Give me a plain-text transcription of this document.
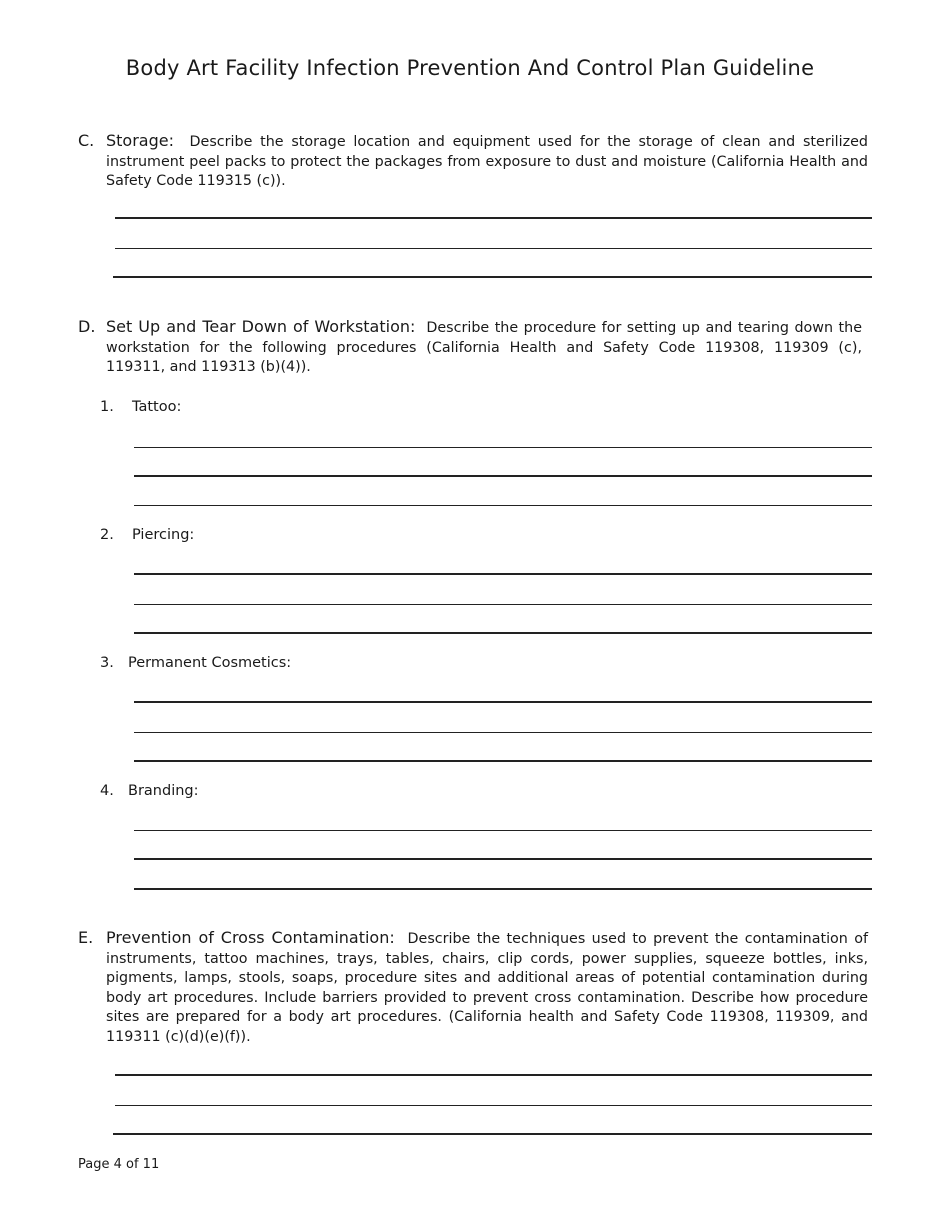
Body Art Facility Infection Prevention And Control Plan Guideline
C. Storage: Describe the storage location and equipment used for the storage of clean and sterilized instrument peel packs to protect the packages from exposure to dust and moisture (California Health and Safety Code 119315 (c)).
D. Set Up and Tear Down of Workstation: Describe the procedure for setting up and tearing down the workstation for the following procedures (California Health and Safety Code 119308, 119309 (c), 119311, and 119313 (b)(4)).
1. Tattoo:
2. Piercing:
3. Permanent Cosmetics:
4. Branding:
E. Prevention of Cross Contamination: Describe the techniques used to prevent the contamination of instruments, tattoo machines, trays, tables, chairs, clip cords, power supplies, squeeze bottles, inks, pigments, lamps, stools, soaps, procedure sites and additional areas of potential contamination during body art procedures. Include barriers provided to prevent cross contamination. Describe how procedure sites are prepared for a body art procedures. (California health and Safety Code 119308, 119309, and 119311 (c)(d)(e)(f)).
Page 4 of 11
